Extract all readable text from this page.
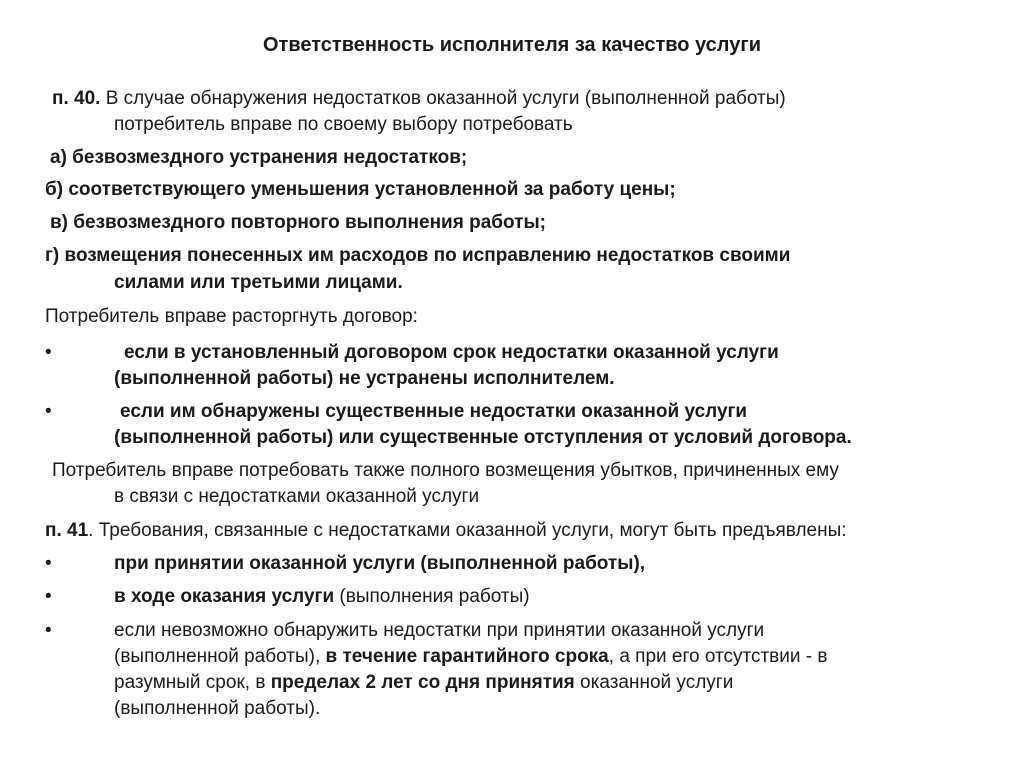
Ответственность исполнителя за качество услуги
п. 40. В случае обнаружения недостатков оказанной услуги (выполненной работы)
потребитель вправе по своему выбору потребовать
а) безвозмездного устранения недостатков;
б) соответствующего уменьшения установленной за работу цены;
в) безвозмездного повторного выполнения работы;
г) возмещения понесенных им расходов по исправлению недостатков своими
силами или третьими лицами.
Потребитель вправе расторгнуть договор:
•	если в установленный договором срок недостатки оказанной услуги
(выполненной работы) не устранены исполнителем.
•	если им обнаружены существенные недостатки оказанной услуги
(выполненной работы) или существенные отступления от условий договора.
Потребитель вправе потребовать также полного возмещения убытков, причиненных ему
в связи с недостатками оказанной услуги
п. 41. Требования, связанные с недостатками оказанной услуги, могут быть предъявлены:
•	при принятии оказанной услуги (выполненной работы),
•	в ходе оказания услуги (выполнения работы)
•	если невозможно обнаружить недостатки при принятии оказанной услуги
(выполненной работы), в течение гарантийного срока, а при его отсутствии - в
разумный срок, в пределах 2 лет со дня принятия оказанной услуги
(выполненной работы).
